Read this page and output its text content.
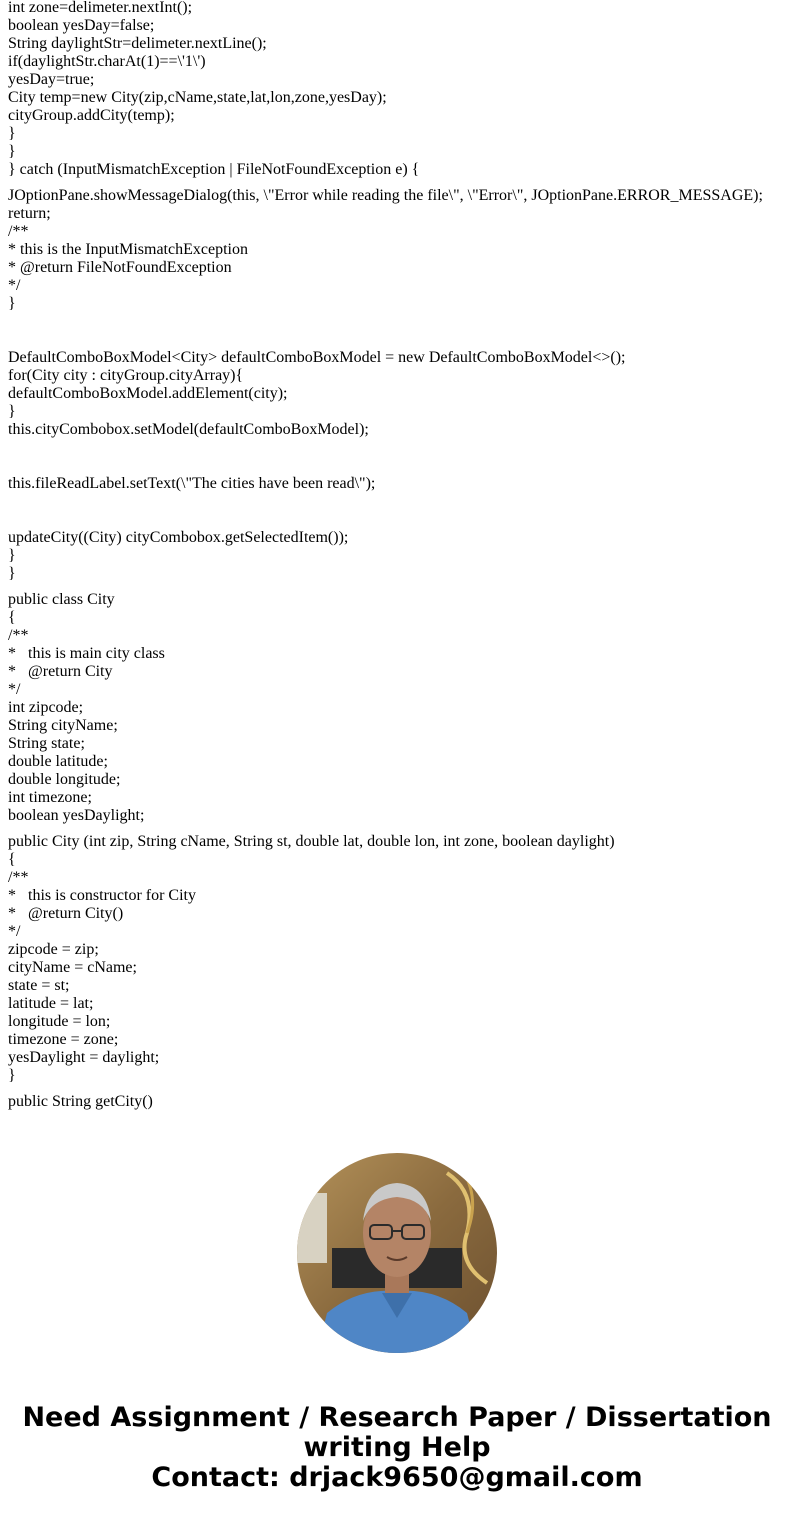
int zone=delimeter.nextInt();
boolean yesDay=false;
String daylightStr=delimeter.nextLine();
if(daylightStr.charAt(1)==\'1\')
yesDay=true;
City temp=new City(zip,cName,state,lat,lon,zone,yesDay);
cityGroup.addCity(temp);
}
}
} catch (InputMismatchException | FileNotFoundException e) {
JOptionPane.showMessageDialog(this, \"Error while reading the file\", \"Error\", JOptionPane.ERROR_MESSAGE);
return;
/**
* this is the InputMismatchException
* @return FileNotFoundException
*/
}
DefaultComboBoxModel<City> defaultComboBoxModel = new DefaultComboBoxModel<>();
for(City city : cityGroup.cityArray){
defaultComboBoxModel.addElement(city);
}
this.cityCombobox.setModel(defaultComboBoxModel);
this.fileReadLabel.setText(\"The cities have been read\");
updateCity((City) cityCombobox.getSelectedItem());
}
}
public class City
{
/**
*   this is main city class
*   @return City
*/
int zipcode;
String cityName;
String state;
double latitude;
double longitude;
int timezone;
boolean yesDaylight;
public City (int zip, String cName, String st, double lat, double lon, int zone, boolean daylight)
{
/**
*   this is constructor for City
*   @return City()
*/
zipcode = zip;
cityName = cName;
state = st;
latitude = lat;
longitude = lon;
timezone = zone;
yesDaylight = daylight;
}
public String getCity()
Need Assignment / Research Paper / Dissertation
writing Help
Contact: drjack9650@gmail.com
